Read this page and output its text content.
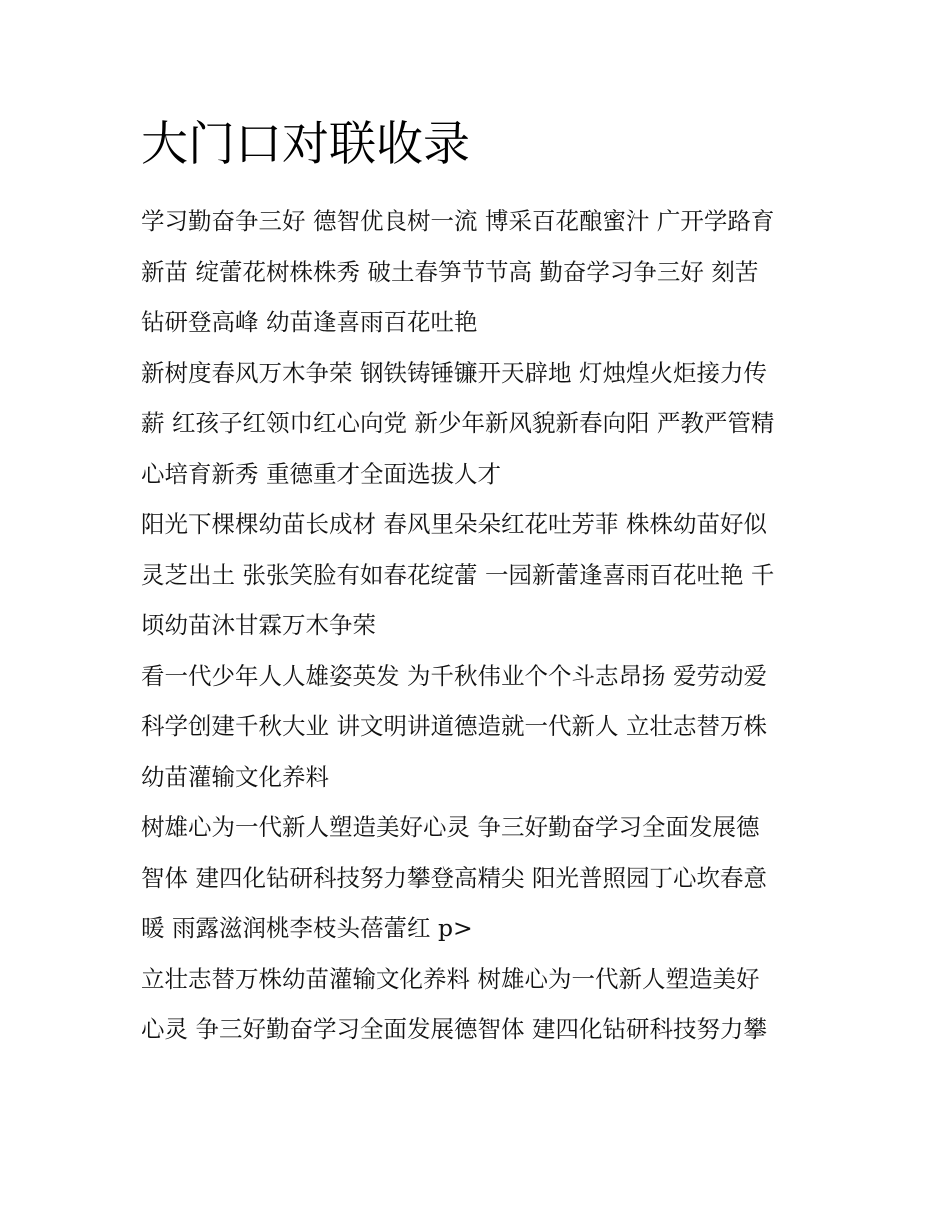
大门口对联收录

学习勤奋争三好 德智优良树一流 博采百花酿蜜汁 广开学路育

新苗 绽蕾花树株株秀 破土春笋节节高 勤奋学习争三好 刻苦

钻研登高峰 幼苗逢喜雨百花吐艳

新树度春风万木争荣 钢铁铸锤镰开天辟地 灯烛煌火炬接力传

薪 红孩子红领巾红心向党 新少年新风貌新春向阳 严教严管精

心培育新秀 重德重才全面选拔人才

阳光下棵棵幼苗长成材 春风里朵朵红花吐芳菲 株株幼苗好似

灵芝出土 张张笑脸有如春花绽蕾 一园新蕾逢喜雨百花吐艳 千

顷幼苗沐甘霖万木争荣

看一代少年人人雄姿英发 为千秋伟业个个斗志昂扬 爱劳动爱

科学创建千秋大业 讲文明讲道德造就一代新人 立壮志替万株

幼苗灌输文化养料

树雄心为一代新人塑造美好心灵 争三好勤奋学习全面发展德

智体 建四化钻研科技努力攀登高精尖 阳光普照园丁心坎春意

暖 雨露滋润桃李枝头蓓蕾红 p>

立壮志替万株幼苗灌输文化养料 树雄心为一代新人塑造美好

心灵 争三好勤奋学习全面发展德智体 建四化钻研科技努力攀
